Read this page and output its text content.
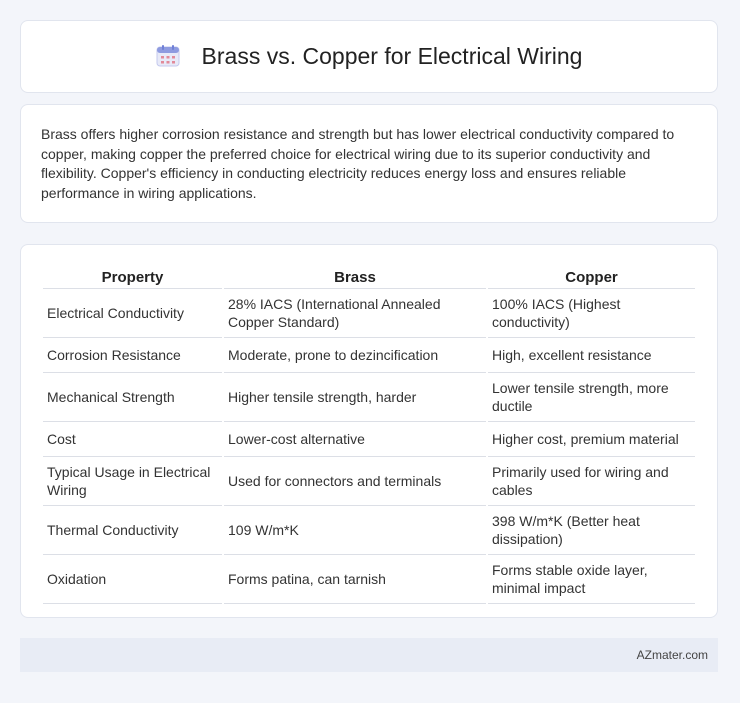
Brass vs. Copper for Electrical Wiring

Brass offers higher corrosion resistance and strength but has lower electrical conductivity compared to copper, making copper the preferred choice for electrical wiring due to its superior conductivity and flexibility. Copper's efficiency in conducting electricity reduces energy loss and ensures reliable performance in wiring applications.

Property	Brass	Copper
Electrical Conductivity	28% IACS (International Annealed Copper Standard)	100% IACS (Highest conductivity)
Corrosion Resistance	Moderate, prone to dezincification	High, excellent resistance
Mechanical Strength	Higher tensile strength, harder	Lower tensile strength, more ductile
Cost	Lower-cost alternative	Higher cost, premium material
Typical Usage in Electrical Wiring	Used for connectors and terminals	Primarily used for wiring and cables
Thermal Conductivity	109 W/m*K	398 W/m*K (Better heat dissipation)
Oxidation	Forms patina, can tarnish	Forms stable oxide layer, minimal impact
AZmater.com
